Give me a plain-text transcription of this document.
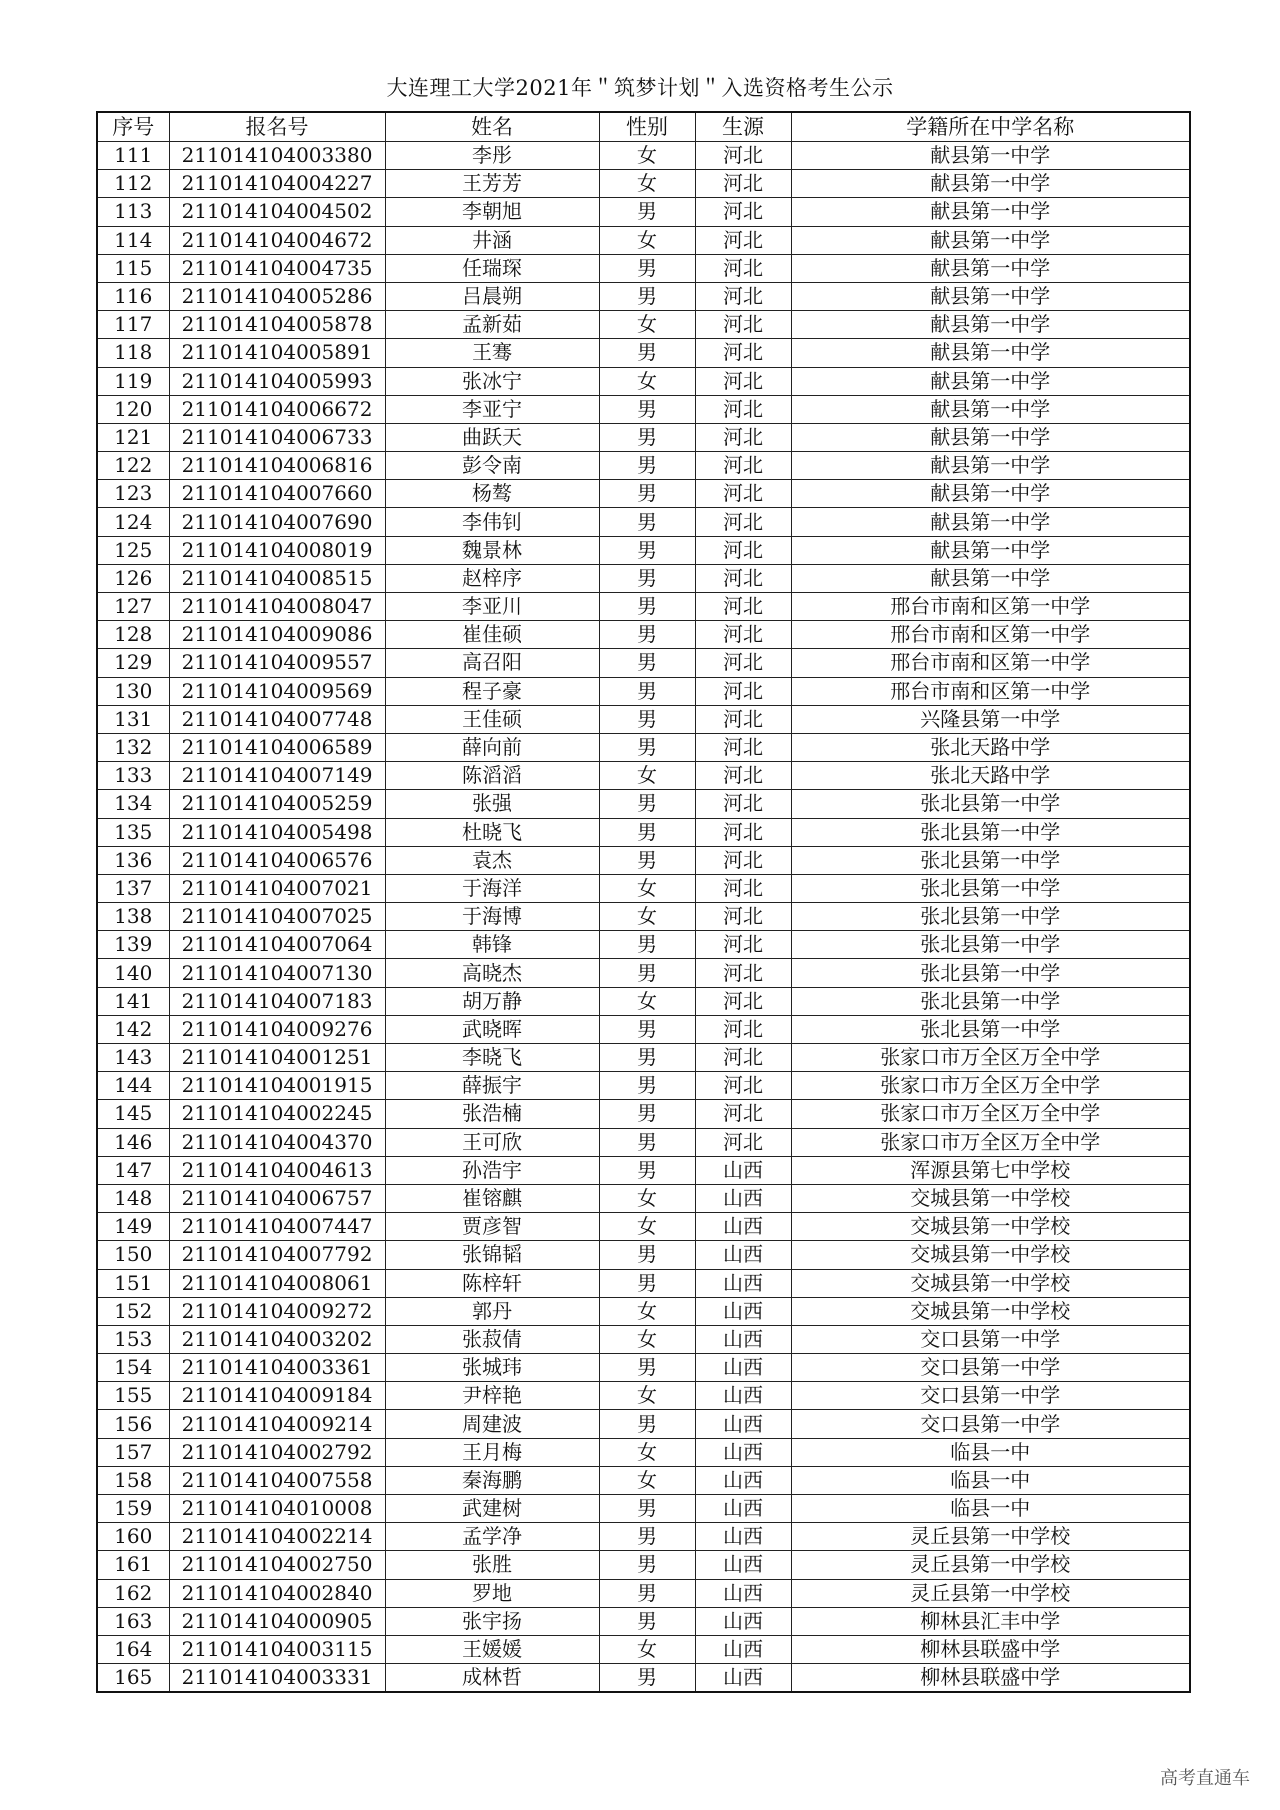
大连理工大学2021年＂筑梦计划＂入选资格考生公示
序号	报名号	姓名	性别	生源	学籍所在中学名称
111	211014104003380	李彤	女	河北	献县第一中学
112	211014104004227	王芳芳	女	河北	献县第一中学
113	211014104004502	李朝旭	男	河北	献县第一中学
114	211014104004672	井涵	女	河北	献县第一中学
115	211014104004735	任瑞琛	男	河北	献县第一中学
116	211014104005286	吕晨朔	男	河北	献县第一中学
117	211014104005878	孟新茹	女	河北	献县第一中学
118	211014104005891	王骞	男	河北	献县第一中学
119	211014104005993	张冰宁	女	河北	献县第一中学
120	211014104006672	李亚宁	男	河北	献县第一中学
121	211014104006733	曲跃天	男	河北	献县第一中学
122	211014104006816	彭令南	男	河北	献县第一中学
123	211014104007660	杨骜	男	河北	献县第一中学
124	211014104007690	李伟钊	男	河北	献县第一中学
125	211014104008019	魏景林	男	河北	献县第一中学
126	211014104008515	赵梓序	男	河北	献县第一中学
127	211014104008047	李亚川	男	河北	邢台市南和区第一中学
128	211014104009086	崔佳硕	男	河北	邢台市南和区第一中学
129	211014104009557	高召阳	男	河北	邢台市南和区第一中学
130	211014104009569	程子豪	男	河北	邢台市南和区第一中学
131	211014104007748	王佳硕	男	河北	兴隆县第一中学
132	211014104006589	薛向前	男	河北	张北天路中学
133	211014104007149	陈滔滔	女	河北	张北天路中学
134	211014104005259	张强	男	河北	张北县第一中学
135	211014104005498	杜晓飞	男	河北	张北县第一中学
136	211014104006576	袁杰	男	河北	张北县第一中学
137	211014104007021	于海洋	女	河北	张北县第一中学
138	211014104007025	于海博	女	河北	张北县第一中学
139	211014104007064	韩锋	男	河北	张北县第一中学
140	211014104007130	高晓杰	男	河北	张北县第一中学
141	211014104007183	胡万静	女	河北	张北县第一中学
142	211014104009276	武晓晖	男	河北	张北县第一中学
143	211014104001251	李晓飞	男	河北	张家口市万全区万全中学
144	211014104001915	薛振宇	男	河北	张家口市万全区万全中学
145	211014104002245	张浩楠	男	河北	张家口市万全区万全中学
146	211014104004370	王可欣	男	河北	张家口市万全区万全中学
147	211014104004613	孙浩宇	男	山西	浑源县第七中学校
148	211014104006757	崔镕麒	女	山西	交城县第一中学校
149	211014104007447	贾彦智	女	山西	交城县第一中学校
150	211014104007792	张锦韬	男	山西	交城县第一中学校
151	211014104008061	陈梓轩	男	山西	交城县第一中学校
152	211014104009272	郭丹	女	山西	交城县第一中学校
153	211014104003202	张菽倩	女	山西	交口县第一中学
154	211014104003361	张城玮	男	山西	交口县第一中学
155	211014104009184	尹梓艳	女	山西	交口县第一中学
156	211014104009214	周建波	男	山西	交口县第一中学
157	211014104002792	王月梅	女	山西	临县一中
158	211014104007558	秦海鹏	女	山西	临县一中
159	211014104010008	武建树	男	山西	临县一中
160	211014104002214	孟学净	男	山西	灵丘县第一中学校
161	211014104002750	张胜	男	山西	灵丘县第一中学校
162	211014104002840	罗地	男	山西	灵丘县第一中学校
163	211014104000905	张宇扬	男	山西	柳林县汇丰中学
164	211014104003115	王媛媛	女	山西	柳林县联盛中学
165	211014104003331	成林哲	男	山西	柳林县联盛中学
高考直通车
